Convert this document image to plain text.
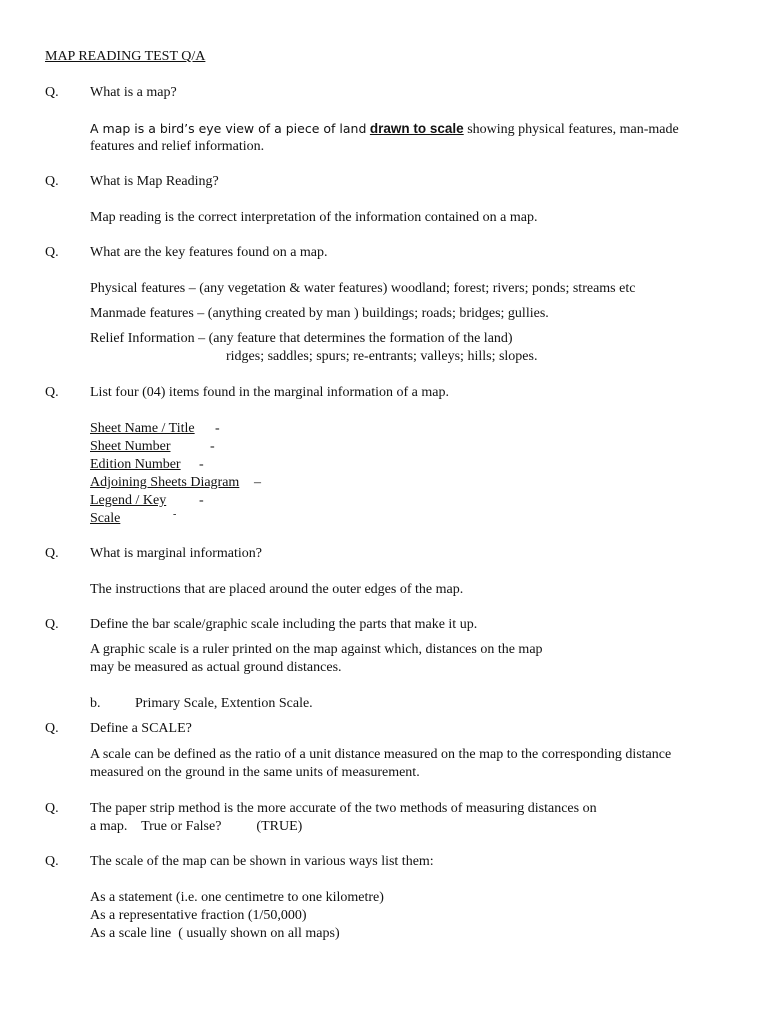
MAP READING TEST Q/A
Q. What is a map?
A map is a bird’s eye view of a piece of land drawn to scale showing physical features, man-made
features and relief information.
Q. What is Map Reading?
Map reading is the correct interpretation of the information contained on a map.
Q. What are the key features found on a map.
Physical features – (any vegetation & water features) woodland; forest; rivers; ponds; streams etc
Manmade features – (anything created by man ) buildings; roads; bridges; gullies.
Relief Information – (any feature that determines the formation of the land)
ridges; saddles; spurs; re-entrants; valleys; hills; slopes.
Q. List four (04) items found in the marginal information of a map.
Sheet Name / Title -
Sheet Number	-
Edition Number -
Adjoining Sheets Diagram –
Legend / Key -
Scale	-
Q. What is marginal information?
The instructions that are placed around the outer edges of the map.
Q. Define the bar scale/graphic scale including the parts that make it up.
A graphic scale is a ruler printed on the map against which, distances on the map
may be measured as actual ground distances.
b. Primary Scale, Extention Scale.
Q. Define a SCALE?
A scale can be defined as the ratio of a unit distance measured on the map to the corresponding distance
measured on the ground in the same units of measurement.
Q. The paper strip method is the more accurate of the two methods of measuring distances on
a map.    True or False?          (TRUE)
Q. The scale of the map can be shown in various ways list them:
As a statement (i.e. one centimetre to one kilometre)
As a representative fraction (1/50,000)
As a scale line  ( usually shown on all maps)
